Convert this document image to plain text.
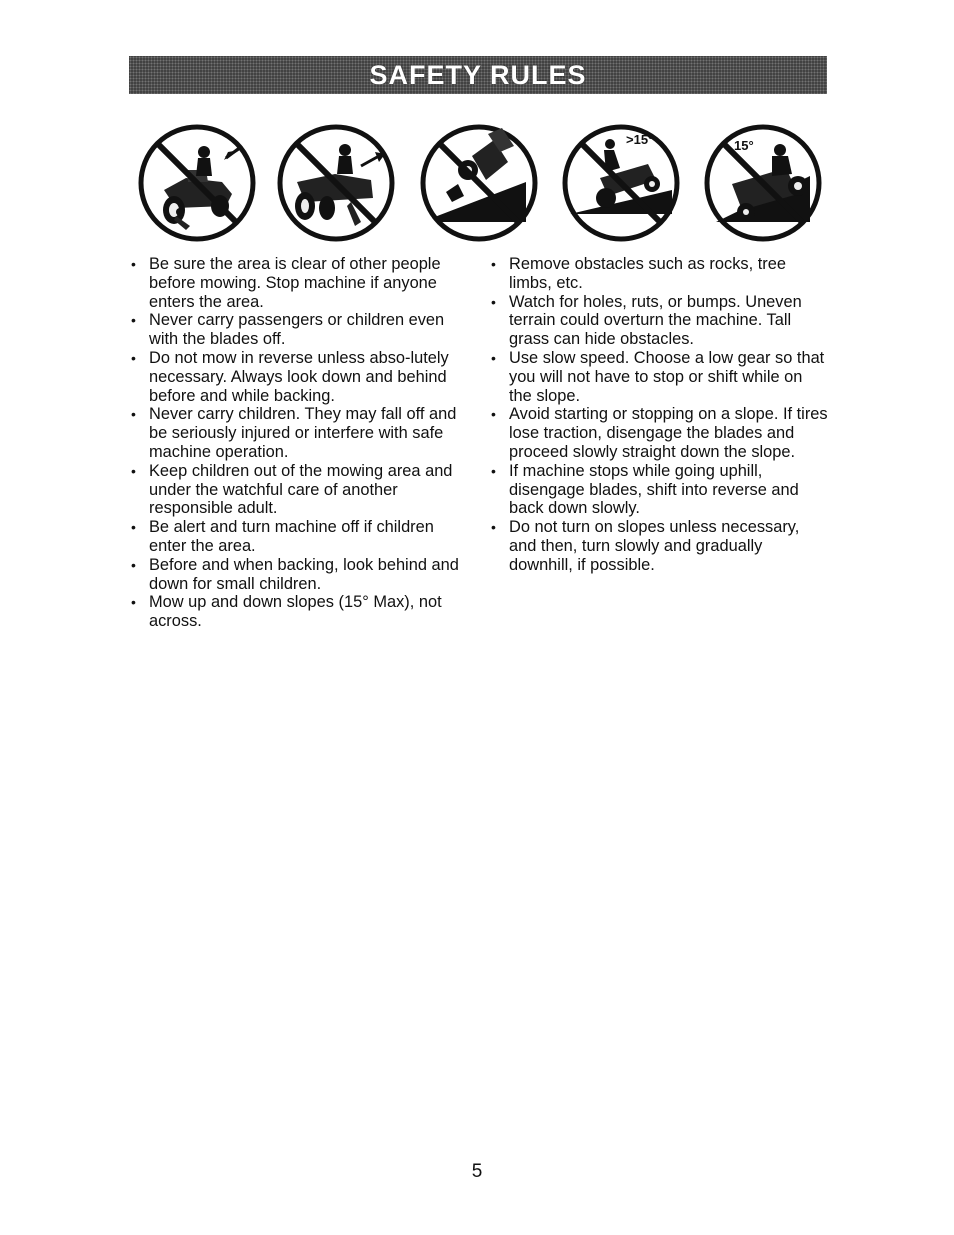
SAFETY RULES
>15°	15°
• Be sure the area is clear of other people before mowing. Stop machine if anyone enters the area.
• Never carry passengers or children even with the blades off.
• Do not mow in reverse unless abso-lutely necessary. Always look down and behind before and while backing.
• Never carry children. They may fall off and be seriously injured or interfere with safe machine operation.
• Keep children out of the mowing area and under the watchful care of another responsible adult.
• Be alert and turn machine off if children enter the area.
• Before and when backing, look behind and down for small children.
• Mow up and down slopes (15° Max), not across.
• Remove obstacles such as rocks, tree limbs, etc.
• Watch for holes, ruts, or bumps. Uneven terrain could overturn the machine. Tall grass can hide obstacles.
• Use slow speed. Choose a low gear so that you will not have to stop or shift while on the slope.
• Avoid starting or stopping on a slope. If tires lose traction, disengage the blades and proceed slowly straight down the slope.
• If machine stops while going uphill, disengage blades, shift into reverse and back down slowly.
• Do not turn on slopes unless necessary, and then, turn slowly and gradually downhill, if possible.
5
